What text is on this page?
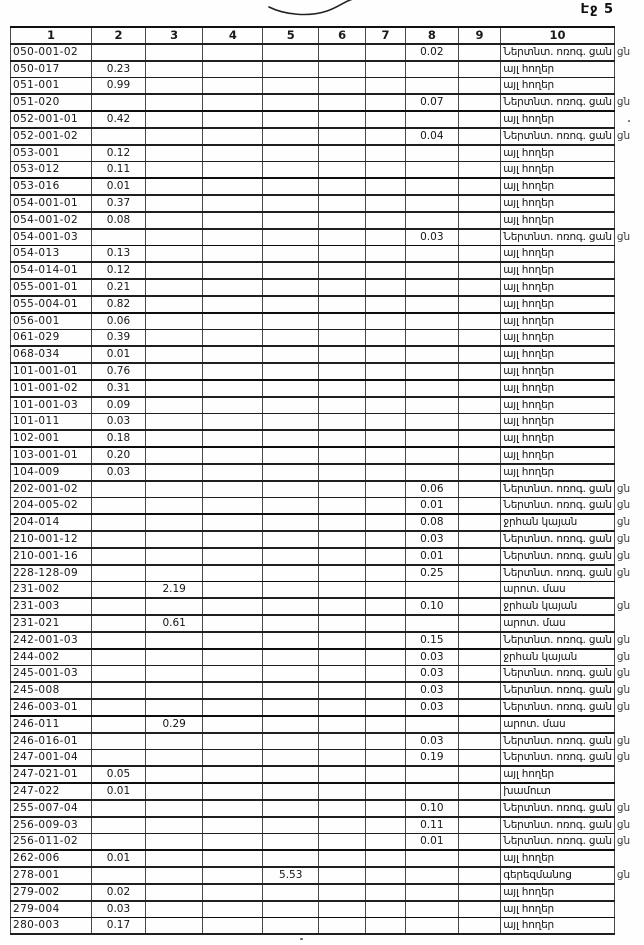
Էջ 5
1	2	3	4	5	6	7	8	9	10	
050-001-02							0.02		Ներտնտ. ոռոգ. ցան	ցն
050-017	0.23								այլ հողեր	
051-001	0.99								այլ հողեր	
051-020							0.07		Ներտնտ. ոռոգ. ցան	ցն
052-001-01	0.42								այլ հողեր	
052-001-02							0.04		Ներտնտ. ոռոգ. ցան	ցն
053-001	0.12								այլ հողեր	
053-012	0.11								այլ հողեր	
053-016	0.01								այլ հողեր	
054-001-01	0.37								այլ հողեր	
054-001-02	0.08								այլ հողեր	
054-001-03							0.03		Ներտնտ. ոռոգ. ցան	ցն
054-013	0.13								այլ հողեր	
054-014-01	0.12								այլ հողեր	
055-001-01	0.21								այլ հողեր	
055-004-01	0.82								այլ հողեր	
056-001	0.06								այլ հողեր	
061-029	0.39								այլ հողեր	
068-034	0.01								այլ հողեր	
101-001-01	0.76								այլ հողեր	
101-001-02	0.31								այլ հողեր	
101-001-03	0.09								այլ հողեր	
101-011	0.03								այլ հողեր	
102-001	0.18								այլ հողեր	
103-001-01	0.20								այլ հողեր	
104-009	0.03								այլ հողեր	
202-001-02							0.06		Ներտնտ. ոռոգ. ցան	ցն
204-005-02							0.01		Ներտնտ. ոռոգ. ցան	ցն
204-014							0.08		ջրհան կայան	ցն
210-001-12							0.03		Ներտնտ. ոռոգ. ցան	ցն
210-001-16							0.01		Ներտնտ. ոռոգ. ցան	ցն
228-128-09							0.25		Ներտնտ. ոռոգ. ցան	ցն
231-002		2.19							արոտ. մաս	
231-003							0.10		ջրհան կայան	ցն
231-021		0.61							արոտ. մաս	
242-001-03							0.15		Ներտնտ. ոռոգ. ցան	ցն
244-002							0.03		ջրհան կայան	ցն
245-001-03							0.03		Ներտնտ. ոռոգ. ցան	ցն
245-008							0.03		Ներտնտ. ոռոգ. ցան	ցն
246-003-01							0.03		Ներտնտ. ոռոգ. ցան	ցն
246-011		0.29							արոտ. մաս	
246-016-01							0.03		Ներտնտ. ոռոգ. ցան	ցն
247-001-04							0.19		Ներտնտ. ոռոգ. ցան	ցն
247-021-01	0.05								այլ հողեր	
247-022	0.01								խամուտ	
255-007-04							0.10		Ներտնտ. ոռոգ. ցան	ցն
256-009-03							0.11		Ներտնտ. ոռոգ. ցան	ցն
256-011-02							0.01		Ներտնտ. ոռոգ. ցան	ցն
262-006	0.01								այլ հողեր	
278-001				5.53					գերեզմանոց	ցն
279-002	0.02								այլ հողեր	
279-004	0.03								այլ հողեր	
280-003	0.17								այլ հողեր	
